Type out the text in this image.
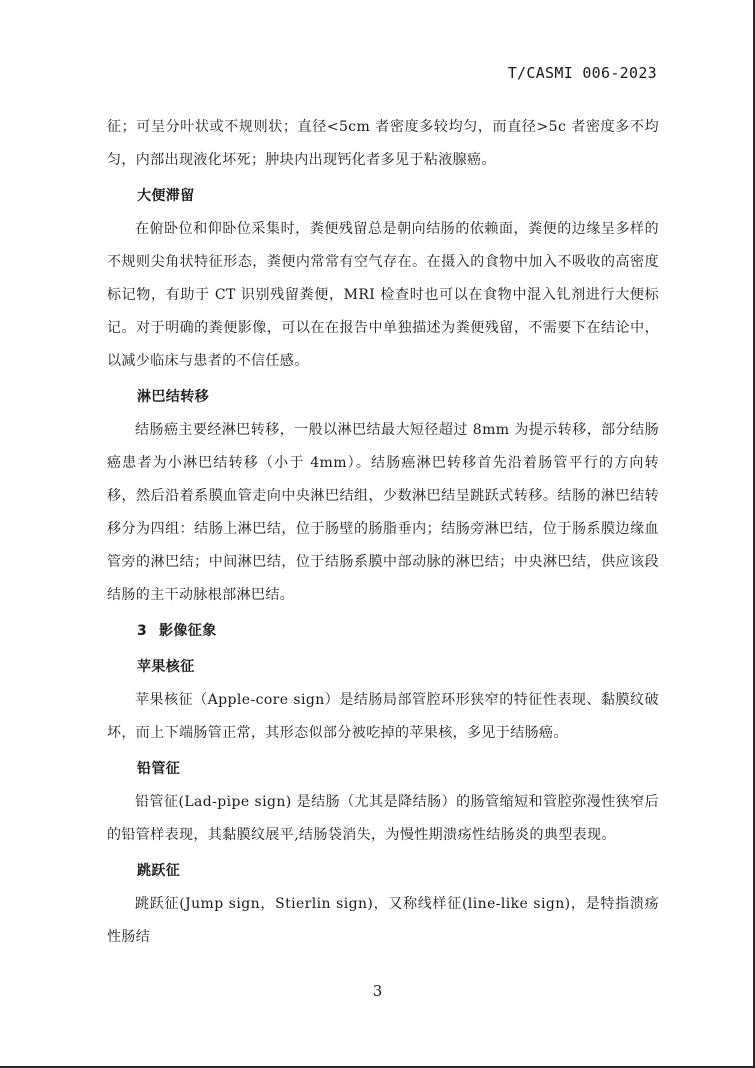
T/CASMI 006-2023

征；可呈分叶状或不规则状；直径<5cm 者密度多较均匀，而直径>5c 者密度多不均匀，内部出现液化坏死；肿块内出现钙化者多见于粘液腺癌。

大便滞留

在俯卧位和仰卧位采集时，粪便残留总是朝向结肠的依赖面，粪便的边缘呈多样的不规则尖角状特征形态，粪便内常常有空气存在。在摄入的食物中加入不吸收的高密度标记物，有助于 CT 识别残留粪便，MRI 检查时也可以在食物中混入钆剂进行大便标记。对于明确的粪便影像，可以在在报告中单独描述为粪便残留，不需要下在结论中，以减少临床与患者的不信任感。

淋巴结转移

结肠癌主要经淋巴转移，一般以淋巴结最大短径超过 8mm 为提示转移，部分结肠癌患者为小淋巴结转移（小于 4mm）。结肠癌淋巴转移首先沿着肠管平行的方向转移，然后沿着系膜血管走向中央淋巴结组，少数淋巴结呈跳跃式转移。结肠的淋巴结转移分为四组：结肠上淋巴结，位于肠壁的肠脂垂内；结肠旁淋巴结，位于肠系膜边缘血管旁的淋巴结；中间淋巴结，位于结肠系膜中部动脉的淋巴结；中央淋巴结，供应该段结肠的主干动脉根部淋巴结。

3 影像征象
苹果核征

苹果核征（Apple-core sign）是结肠局部管腔环形狭窄的特征性表现、黏膜纹破坏，而上下端肠管正常，其形态似部分被吃掉的苹果核，多见于结肠癌。

铅管征

铅管征(Lad-pipe sign) 是结肠（尤其是降结肠）的肠管缩短和管腔弥漫性狭窄后的铅管样表现，其黏膜纹展平,结肠袋消失，为慢性期溃疡性结肠炎的典型表现。

跳跃征

跳跃征(Jump sign，Stierlin sign)，又称线样征(line-like sign)，是特指溃疡性肠结

3
